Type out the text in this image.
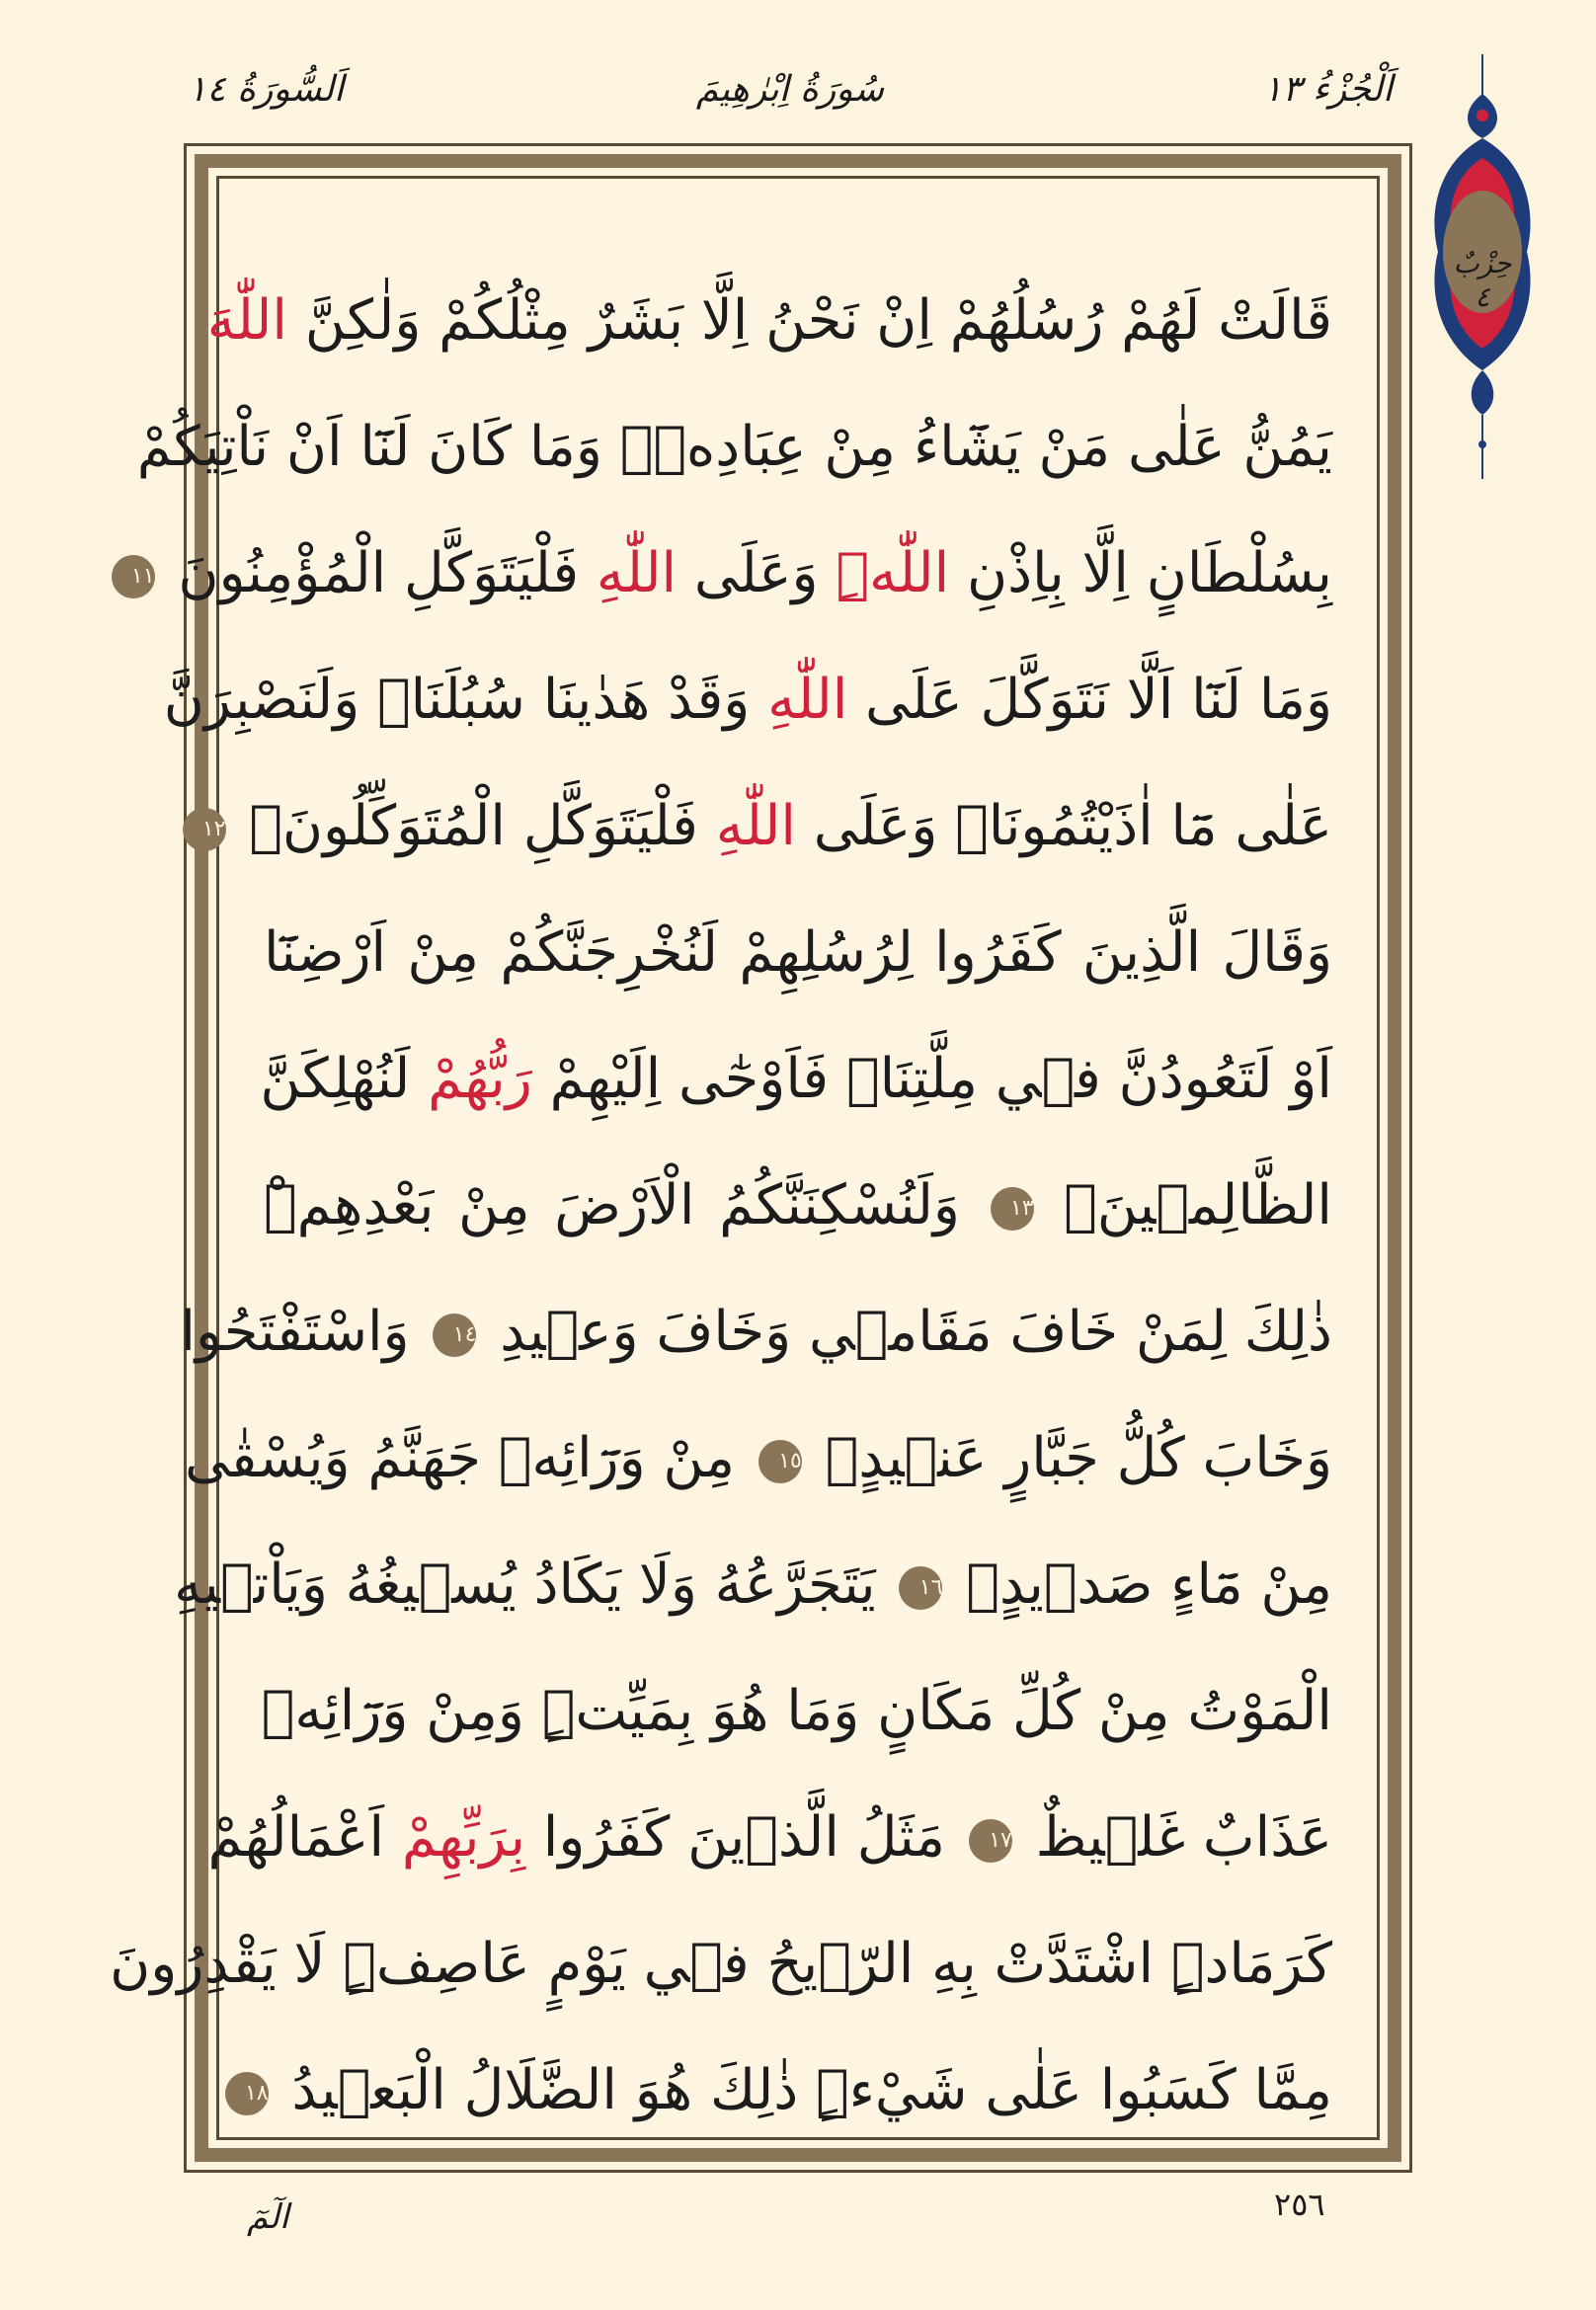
اَلْجُزْءُ ١٣
سُورَةُ اِبْرٰهِيمَ
اَلسُّورَةُ ١٤
حِزْبٌ
٤
قَالَتْ لَهُمْ رُسُلُهُمْ اِنْ نَحْنُ اِلَّا بَشَرٌ مِثْلُكُمْ وَلٰكِنَّ اللّٰهَ
يَمُنُّ عَلٰى مَنْ يَشَٓاءُ مِنْ عِبَادِهٖۜ وَمَا كَانَ لَنَٓا اَنْ نَاْتِيَكُمْ
بِسُلْطَانٍ اِلَّا بِاِذْنِ اللّٰهِۜ وَعَلَى اللّٰهِ فَلْيَتَوَكَّلِ الْمُؤْمِنُونَ ١١
وَمَا لَنَٓا اَلَّا نَتَوَكَّلَ عَلَى اللّٰهِ وَقَدْ هَدٰينَا سُبُلَنَاۜ وَلَنَصْبِرَنَّ
عَلٰى مَٓا اٰذَيْتُمُونَاۜ وَعَلَى اللّٰهِ فَلْيَتَوَكَّلِ الْمُتَوَكِّلُونَ۟ ١٢
وَقَالَ الَّذِينَ كَفَرُوا لِرُسُلِهِمْ لَنُخْرِجَنَّكُمْ مِنْ اَرْضِنَٓا
اَوْ لَتَعُودُنَّ فٖي مِلَّتِنَاۜ فَاَوْحٰٓى اِلَيْهِمْ رَبُّهُمْ لَنُهْلِكَنَّ
الظَّالِمٖينَۙ ١٣ وَلَنُسْكِنَنَّكُمُ الْاَرْضَ مِنْ بَعْدِهِمْۜ
ذٰلِكَ لِمَنْ خَافَ مَقَامٖي وَخَافَ وَعٖيدِ ١٤ وَاسْتَفْتَحُوا
وَخَابَ كُلُّ جَبَّارٍ عَنٖيدٍۙ ١٥ مِنْ وَرَٓائِهٖ جَهَنَّمُ وَيُسْقٰى
مِنْ مَٓاءٍ صَدٖيدٍۙ ١٦ يَتَجَرَّعُهُ وَلَا يَكَادُ يُسٖيغُهُ وَيَاْتٖيهِ
الْمَوْتُ مِنْ كُلِّ مَكَانٍ وَمَا هُوَ بِمَيِّتٍۜ وَمِنْ وَرَٓائِهٖ
عَذَابٌ غَلٖيظٌ ١٧ مَثَلُ الَّذٖينَ كَفَرُوا بِرَبِّهِمْ اَعْمَالُهُمْ
كَرَمَادٍۨ اشْتَدَّتْ بِهِ الرّٖيحُ فٖي يَوْمٍ عَاصِفٍۜ لَا يَقْدِرُونَ
مِمَّا كَسَبُوا عَلٰى شَيْءٍۜ ذٰلِكَ هُوَ الضَّلَالُ الْبَعٖيدُ ١٨
٢٥٦
الٓمٓ
